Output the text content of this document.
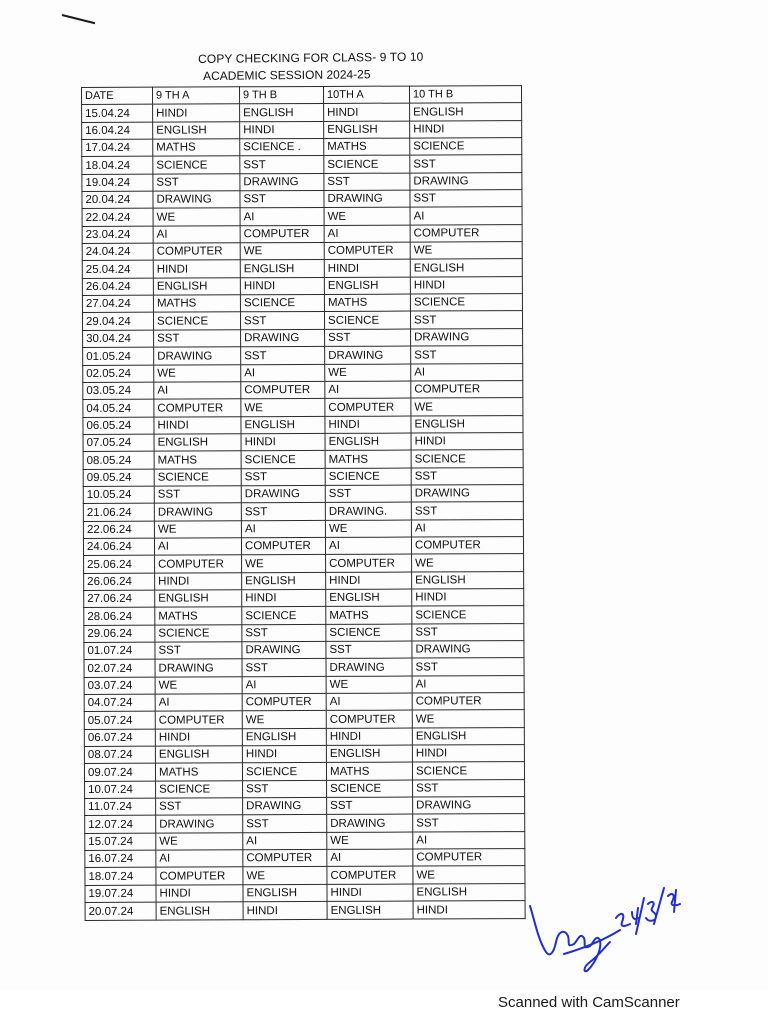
COPY CHECKING FOR CLASS- 9 TO 10
ACADEMIC SESSION 2024-25
DATE	9 TH A	9 TH B	10TH A	10 TH B
15.04.24	HINDI	ENGLISH	HINDI	ENGLISH
16.04.24	ENGLISH	HINDI	ENGLISH	HINDI
17.04.24	MATHS	SCIENCE .	MATHS	SCIENCE
18.04.24	SCIENCE	SST	SCIENCE	SST
19.04.24	SST	DRAWING	SST	DRAWING
20.04.24	DRAWING	SST	DRAWING	SST
22.04.24	WE	AI	WE	AI
23.04.24	AI	COMPUTER	AI	COMPUTER
24.04.24	COMPUTER	WE	COMPUTER	WE
25.04.24	HINDI	ENGLISH	HINDI	ENGLISH
26.04.24	ENGLISH	HINDI	ENGLISH	HINDI
27.04.24	MATHS	SCIENCE	MATHS	SCIENCE
29.04.24	SCIENCE	SST	SCIENCE	SST
30.04.24	SST	DRAWING	SST	DRAWING
01.05.24	DRAWING	SST	DRAWING	SST
02.05.24	WE	AI	WE	AI
03.05.24	AI	COMPUTER	AI	COMPUTER
04.05.24	COMPUTER	WE	COMPUTER	WE
06.05.24	HINDI	ENGLISH	HINDI	ENGLISH
07.05.24	ENGLISH	HINDI	ENGLISH	HINDI
08.05.24	MATHS	SCIENCE	MATHS	SCIENCE
09.05.24	SCIENCE	SST	SCIENCE	SST
10.05.24	SST	DRAWING	SST	DRAWING
21.06.24	DRAWING	SST	DRAWING.	SST
22.06.24	WE	AI	WE	AI
24.06.24	AI	COMPUTER	AI	COMPUTER
25.06.24	COMPUTER	WE	COMPUTER	WE
26.06.24	HINDI	ENGLISH	HINDI	ENGLISH
27.06.24	ENGLISH	HINDI	ENGLISH	HINDI
28.06.24	MATHS	SCIENCE	MATHS	SCIENCE
29.06.24	SCIENCE	SST	SCIENCE	SST
01.07.24	SST	DRAWING	SST	DRAWING
02.07.24	DRAWING	SST	DRAWING	SST
03.07.24	WE	AI	WE	AI
04.07.24	AI	COMPUTER	AI	COMPUTER
05.07.24	COMPUTER	WE	COMPUTER	WE
06.07.24	HINDI	ENGLISH	HINDI	ENGLISH
08.07.24	ENGLISH	HINDI	ENGLISH	HINDI
09.07.24	MATHS	SCIENCE	MATHS	SCIENCE
10.07.24	SCIENCE	SST	SCIENCE	SST
11.07.24	SST	DRAWING	SST	DRAWING
12.07.24	DRAWING	SST	DRAWING	SST
15.07.24	WE	AI	WE	AI
16.07.24	AI	COMPUTER	AI	COMPUTER
18.07.24	COMPUTER	WE	COMPUTER	WE
19.07.24	HINDI	ENGLISH	HINDI	ENGLISH
20.07.24	ENGLISH	HINDI	ENGLISH	HINDI
Scanned with CamScanner
